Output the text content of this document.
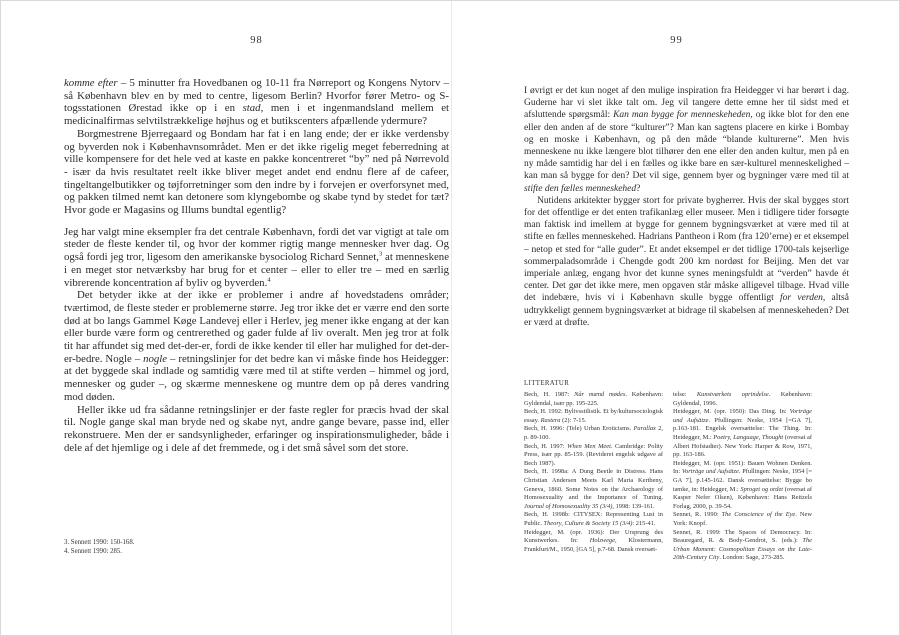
98

komme efter – 5 minutter fra Hovedbanen og 10-11 fra Nørreport og Kongens Nytorv – så København blev en by med to centre, ligesom Berlin? Hvorfor fører Metro- og S-togsstationen Ørestad ikke op i en stad, men i et ingenmandsland mellem et medicinalfirmas selvtilstrækkelige højhus og et butikscenters afpællende ydermure?

Borgmestrene Bjerregaard og Bondam har fat i en lang ende; der er ikke verdensby og byverden nok i Københavnsområdet. Men er det ikke rigelig meget feberredning at ville kompensere for det hele ved at kaste en pakke koncentreret “by” ned på Nørrevold - især da hvis resultatet reelt ikke bliver meget andet end endnu flere af de cafeer, tingeltangelbutikker og tøjforretninger som den indre by i forvejen er overforsynet med, og pakken tilmed nemt kan detonere som klyngebombe og skabe tynd by stedet for tæt? Hvor gode er Magasins og Illums bundtal egentlig?

Jeg har valgt mine eksempler fra det centrale København, fordi det var vigtigt at tale om steder de fleste kender til, og hvor der kommer rigtig mange mennesker hver dag. Og også fordi jeg tror, ligesom den amerikanske bysociolog Richard Sennet,$^3$ at menneskene i en meget stor netværksby har brug for et center – eller to eller tre – med en særlig vibrerende koncentration af byliv og byverden.$^4$

Det betyder ikke at der ikke er problemer i andre af hovedstadens områder; tværtimod, de fleste steder er problemerne større. Jeg tror ikke det er værre end den sorte død at bo langs Gammel Køge Landevej eller i Herlev, jeg mener ikke engang at der kan eller burde være form og centrerethed og gader fulde af liv overalt. Men jeg tror at folk tit har affundet sig med det-der-er, fordi de ikke kender til eller har mulighed for det-der-er-bedre. Nogle – nogle – retningslinjer for det bedre kan vi måske finde hos Heidegger: at det byggede skal indlade og samtidig være med til at stifte verden – himmel og jord, mennesker og guder –, og skærme menneskene og muntre dem op på deres vandring mod døden.

Heller ikke ud fra sådanne retningslinjer er der faste regler for præcis hvad der skal til. Nogle gange skal man bryde ned og skabe nyt, andre gange bevare, passe ind, eller rekonstruere. Men der er sandsynligheder, erfaringer og inspirationsmuligheder, både i dele af det hjemlige og i dele af det fremmede, og i det små såvel som det store.

3. Sennett 1990: 150-168.
4. Sennett 1990: 285.
99

I øvrigt er det kun noget af den mulige inspiration fra Heidegger vi har berørt i dag. Guderne har vi slet ikke talt om. Jeg vil tangere dette emne her til sidst med et afsluttende spørgsmål: Kan man bygge for menneskeheden, og ikke blot for den ene eller den anden af de store “kulturer”? Man kan sagtens placere en kirke i Bombay og en moske i København, og på den måde “blande kulturerne”. Men hvis menneskene nu ikke længere blot tilhører den ene eller den anden kultur, men på en ny måde samtidig har del i en fælles og ikke bare en sær-kulturel menneskelighed – kan man så bygge for den? Det vil sige, gennem byer og bygninger være med til at stifte den fælles menneskehed?

Nutidens arkitekter bygger stort for private bygherrer. Hvis der skal bygges stort for det offentlige er det enten trafikanlæg eller museer. Men i tidligere tider forsøgte man faktisk ind imellem at bygge for gennem bygningsværket at være med til at stifte en fælles menneskehed. Hadrians Pantheon i Rom (fra 120’erne) er et eksempel – netop et sted for “alle guder”. Et andet eksempel er det tidlige 1700-tals kejserlige sommerpaladsområde i Chengde godt 200 km nordøst for Beijing. Men det var imperiale anlæg, engang hvor det kunne synes meningsfuldt at “verden” havde ét center. Det gør det ikke mere, men opgaven står måske alligevel tilbage. Hvad ville det indebære, hvis vi i København skulle bygge offentligt for verden, altså udtrykkeligt gennem bygningsværket at bidrage til skabelsen af menneskeheden? Det er værd at drøfte.

LITTERATUR

Bech, H. 1987: Når mænd mødes. København: Gyldendal, især pp. 195-225.

Bech, H. 1992: Bylivsstilistik. Et by/kultursociologisk essay. Rastera (2): 7-15.

Bech, H. 1996: (Tele) Urban Eroticisms. Parallax 2, p. 89-100.

Bech, H. 1997: When Men Meet. Cambridge: Polity Press, især pp. 85-159. (Revideret engelsk udgave af Bech 1987).

Bech, H. 1998a: A Dung Beetle in Distress. Hans Christian Andersen Meets Karl Maria Kertbeny, Geneva, 1860. Some Notes on the Archaeology of Homosexuality and the Importance of Tuning. Journal of Homosexuality 35 (3/4), 1998: 139-161.

Bech, H. 1998b: CITYSEX: Representing Lust in Public. Theory, Culture & Society 15 (3/4): 215-41.

Heidegger, M. (opr. 1936): Der Ursprung des Kunstwerkes. In: Holzwege, Klostermann, Frankfurt/M., 1950, [GA 5], p.7-68. Dansk oversæt-

telse: Kunstværkets oprindelse. København: Gyldendal, 1996.

Heidegger, M. (opr. 1950): Das Ding. In: Vorträge und Aufsätze. Pfullingen: Neske, 1954 [=GA 7], p.163-181. Engelsk oversættelse: The Thing. In: Heidegger, M.: Poetry, Language, Thought (oversat af Albert Hofstadter). New York: Harper & Row, 1971, pp. 163-186.

Heidegger, M. (opr. 1951): Bauen Wohnen Denken. In: Vorträge und Aufsätze. Pfullingen: Neske, 1954 [= GA 7], p.145-162. Dansk oversættelse: Bygge bo tænke, in: Heidegger, M.: Sproget og ordet (oversat af Kasper Nefer Olsen), København: Hans Reitzels Forlag, 2000, p. 39-54.

Sennet, R. 1990: The Conscience of the Eye. New York: Knopf.

Sennet, R. 1999: The Spaces of Democracy. In: Beauregard, R. & Body-Gendrot, S. (eds.): The Urban Moment: Cosmopolitan Essays on the Late-20th-Century City. London: Sage, 273-285.
